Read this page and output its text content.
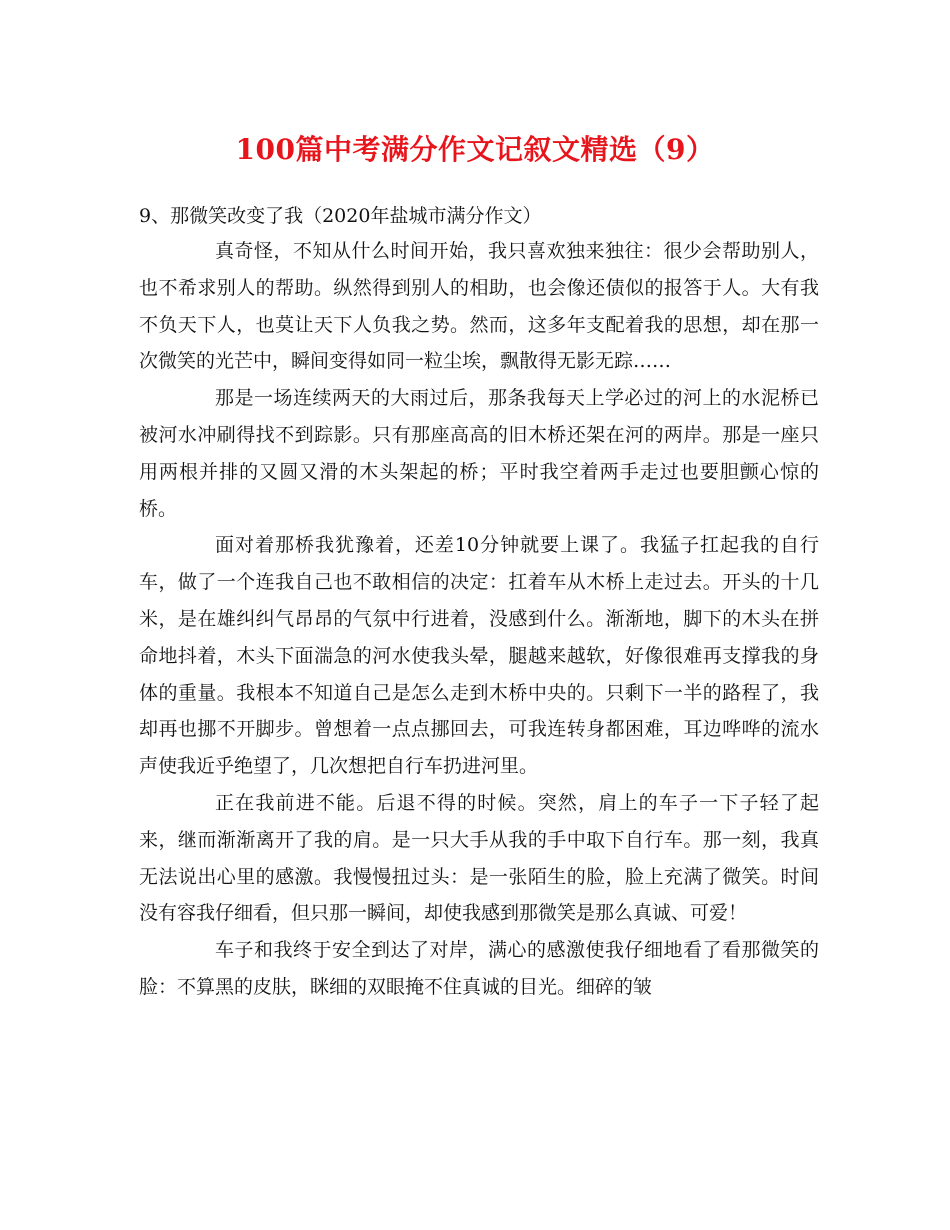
100篇中考满分作文记叙文精选（9）

9、那微笑改变了我（2020年盐城市满分作文）

真奇怪，不知从什么时间开始，我只喜欢独来独往：很少会帮助别人，也不希求别人的帮助。纵然得到别人的相助，也会像还债似的报答于人。大有我不负天下人，也莫让天下人负我之势。然而，这多年支配着我的思想，却在那一次微笑的光芒中，瞬间变得如同一粒尘埃，飘散得无影无踪……

那是一场连续两天的大雨过后，那条我每天上学必过的河上的水泥桥已被河水冲刷得找不到踪影。只有那座高高的旧木桥还架在河的两岸。那是一座只用两根并排的又圆又滑的木头架起的桥；平时我空着两手走过也要胆颤心惊的桥。

面对着那桥我犹豫着，还差10分钟就要上课了。我猛子扛起我的自行车，做了一个连我自己也不敢相信的决定：扛着车从木桥上走过去。开头的十几米，是在雄纠纠气昂昂的气氛中行进着，没感到什么。渐渐地，脚下的木头在拼命地抖着，木头下面湍急的河水使我头晕，腿越来越软，好像很难再支撑我的身体的重量。我根本不知道自己是怎么走到木桥中央的。只剩下一半的路程了，我却再也挪不开脚步。曾想着一点点挪回去，可我连转身都困难，耳边哗哗的流水声使我近乎绝望了，几次想把自行车扔进河里。

正在我前进不能。后退不得的时候。突然，肩上的车子一下子轻了起来，继而渐渐离开了我的肩。是一只大手从我的手中取下自行车。那一刻，我真无法说出心里的感激。我慢慢扭过头：是一张陌生的脸，脸上充满了微笑。时间没有容我仔细看，但只那一瞬间，却使我感到那微笑是那么真诚、可爱！

车子和我终于安全到达了对岸，满心的感激使我仔细地看了看那微笑的脸：不算黑的皮肤，眯细的双眼掩不住真诚的目光。细碎的皱
